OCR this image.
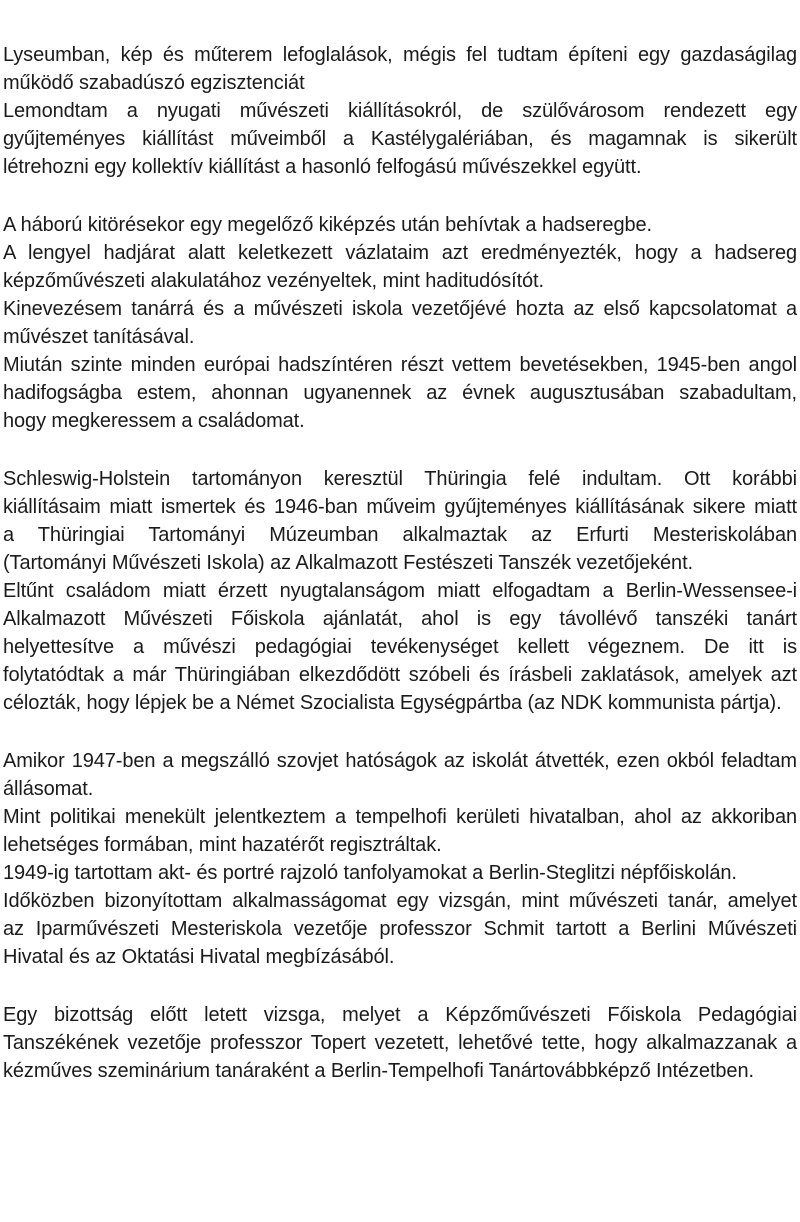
Lyseumban, kép és műterem lefoglalások, mégis fel tudtam építeni egy gazdaságilag
működő szabadúszó egzisztenciát

Lemondtam a nyugati művészeti kiállításokról, de szülővárosom rendezett egy
gyűjteményes kiállítást műveimből a Kastélygalériában, és magamnak is sikerült
létrehozni egy kollektív kiállítást a hasonló felfogású művészekkel együtt.

A háború kitörésekor egy megelőző kiképzés után behívtak a hadseregbe.

A lengyel hadjárat alatt keletkezett vázlataim azt eredményezték, hogy a hadsereg
képzőművészeti alakulatához vezényeltek, mint haditudósítót.

Kinevezésem tanárrá és a művészeti iskola vezetőjévé hozta az első kapcsolatomat a
művészet tanításával.

Miután szinte minden európai hadszíntéren részt vettem bevetésekben, 1945-ben angol
hadifogságba estem, ahonnan ugyanennek az évnek augusztusában szabadultam,
hogy megkeressem a családomat.

Schleswig-Holstein tartományon keresztül Thüringia felé indultam. Ott korábbi
kiállításaim miatt ismertek és 1946-ban műveim gyűjteményes kiállításának sikere miatt
a Thüringiai Tartományi Múzeumban alkalmaztak az Erfurti Mesteriskolában
(Tartományi Művészeti Iskola) az Alkalmazott Festészeti Tanszék vezetőjeként.

Eltűnt családom miatt érzett nyugtalanságom miatt elfogadtam a Berlin-Wessensee-i
Alkalmazott Művészeti Főiskola ajánlatát, ahol is egy távollévő tanszéki tanárt
helyettesítve a művészi pedagógiai tevékenységet kellett végeznem. De itt is
folytatódtak a már Thüringiában elkezdődött szóbeli és írásbeli zaklatások, amelyek azt
célozták, hogy lépjek be a Német Szocialista Egységpártba (az NDK kommunista pártja).

Amikor 1947-ben a megszálló szovjet hatóságok az iskolát átvették, ezen okból feladtam
állásomat.

Mint politikai menekült jelentkeztem a tempelhofi kerületi hivatalban, ahol az akkoriban
lehetséges formában, mint hazatérőt regisztráltak.

1949-ig tartottam akt- és portré rajzoló tanfolyamokat a Berlin-Steglitzi népfőiskolán.

Időközben bizonyítottam alkalmasságomat egy vizsgán, mint művészeti tanár, amelyet
az Iparművészeti Mesteriskola vezetője professzor Schmit tartott a Berlini Művészeti
Hivatal és az Oktatási Hivatal megbízásából.

Egy bizottság előtt letett vizsga, melyet a Képzőművészeti Főiskola Pedagógiai
Tanszékének vezetője professzor Topert vezetett, lehetővé tette, hogy alkalmazzanak a
kézműves szeminárium tanáraként a Berlin-Tempelhofi Tanártovábbképző Intézetben.
